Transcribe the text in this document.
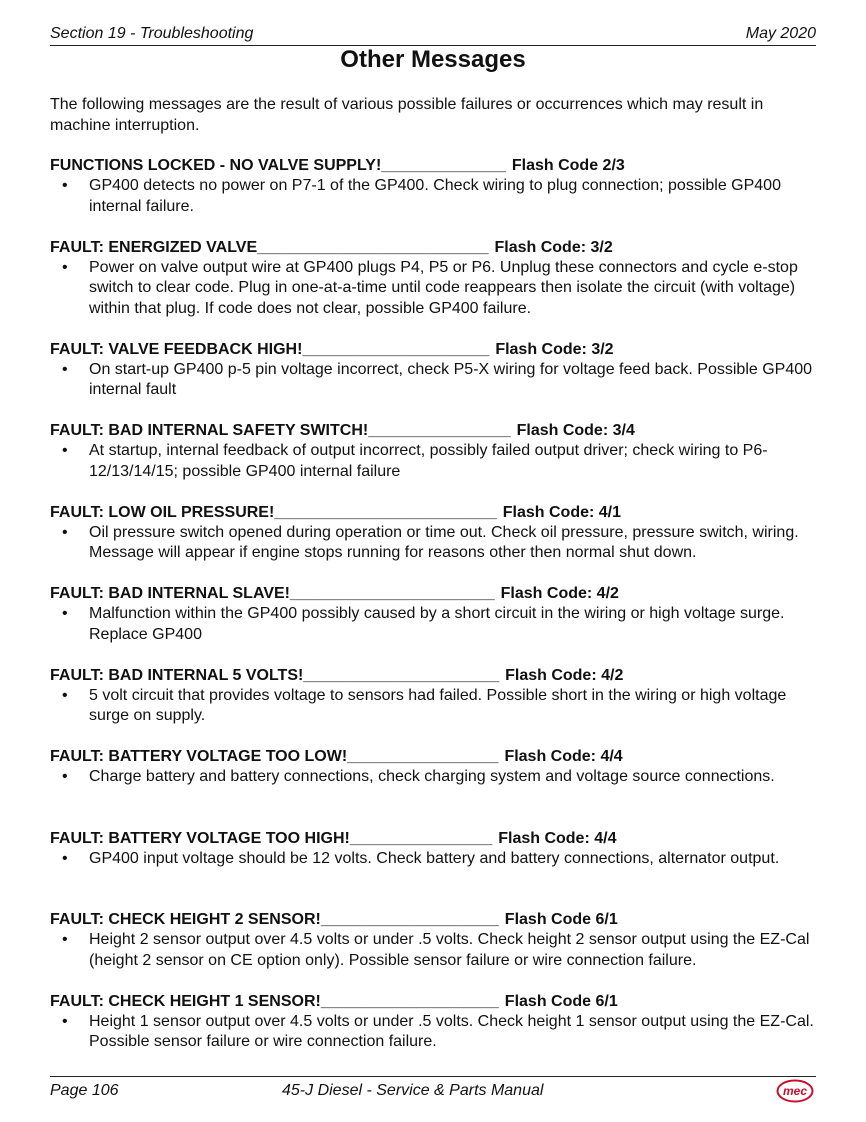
Section 19 - Troubleshooting	May 2020
Other Messages
The following messages are the result of various possible failures or occurrences which may result in machine interruption.
FUNCTIONS LOCKED - NO VALVE SUPPLY!______________ Flash Code 2/3
• GP400 detects no power on P7-1 of the GP400. Check wiring to plug connection; possible GP400 internal failure.
FAULT: ENERGIZED VALVE__________________________ Flash Code: 3/2
• Power on valve output wire at GP400 plugs P4, P5 or P6. Unplug these connectors and cycle e-stop switch to clear code. Plug in one-at-a-time until code reappears then isolate the circuit (with voltage) within that plug. If code does not clear, possible GP400 failure.
FAULT: VALVE FEEDBACK HIGH!_____________________ Flash Code: 3/2
• On start-up GP400 p-5 pin voltage incorrect, check P5-X wiring for voltage feed back. Possible GP400 internal fault
FAULT: BAD INTERNAL SAFETY SWITCH!________________ Flash Code: 3/4
• At startup, internal feedback of output incorrect, possibly failed output driver; check wiring to P6-12/13/14/15; possible GP400 internal failure
FAULT: LOW OIL PRESSURE!_________________________ Flash Code: 4/1
• Oil pressure switch opened during operation or time out. Check oil pressure, pressure switch, wiring. Message will appear if engine stops running for reasons other then normal shut down.
FAULT: BAD INTERNAL SLAVE!_______________________ Flash Code: 4/2
• Malfunction within the GP400 possibly caused by a short circuit in the wiring or high voltage surge. Replace GP400
FAULT: BAD INTERNAL 5 VOLTS!______________________ Flash Code: 4/2
• 5 volt circuit that provides voltage to sensors had failed. Possible short in the wiring or high voltage surge on supply.
FAULT: BATTERY VOLTAGE TOO LOW!_________________ Flash Code: 4/4
• Charge battery and battery connections, check charging system and voltage source connections.
FAULT: BATTERY VOLTAGE TOO HIGH!________________ Flash Code: 4/4
• GP400 input voltage should be 12 volts. Check battery and battery connections, alternator output.
FAULT: CHECK HEIGHT 2 SENSOR!____________________ Flash Code 6/1
• Height 2 sensor output over 4.5 volts or under .5 volts. Check height 2 sensor output using the EZ-Cal (height 2 sensor on CE option only). Possible sensor failure or wire connection failure.
FAULT: CHECK HEIGHT 1 SENSOR!____________________ Flash Code 6/1
• Height 1 sensor output over 4.5 volts or under .5 volts. Check height 1 sensor output using the EZ-Cal. Possible sensor failure or wire connection failure.
Page 106	45-J Diesel - Service & Parts Manual	mec
